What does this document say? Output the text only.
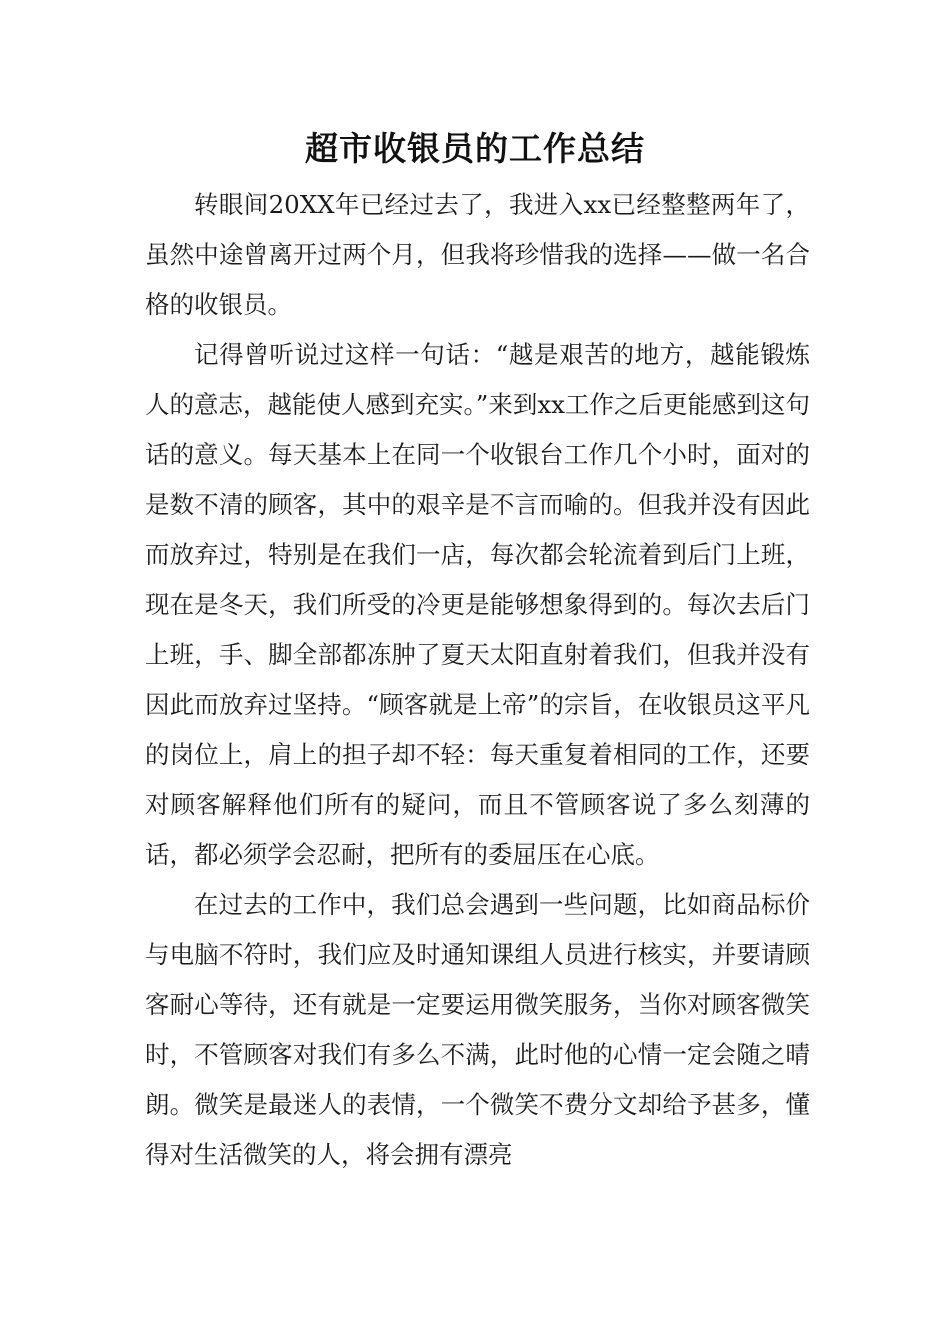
超市收银员的工作总结

转眼间20XX年已经过去了，我进入xx已经整整两年了，虽然中途曾离开过两个月，但我将珍惜我的选择——做一名合格的收银员。

记得曾听说过这样一句话：“越是艰苦的地方，越能锻炼人的意志，越能使人感到充实。”来到xx工作之后更能感到这句话的意义。每天基本上在同一个收银台工作几个小时，面对的是数不清的顾客，其中的艰辛是不言而喻的。但我并没有因此而放弃过，特别是在我们一店，每次都会轮流着到后门上班，现在是冬天，我们所受的冷更是能够想象得到的。每次去后门上班，手、脚全部都冻肿了夏天太阳直射着我们，但我并没有因此而放弃过坚持。“顾客就是上帝”的宗旨，在收银员这平凡的岗位上，肩上的担子却不轻：每天重复着相同的工作，还要对顾客解释他们所有的疑问，而且不管顾客说了多么刻薄的话，都必须学会忍耐，把所有的委屈压在心底。

在过去的工作中，我们总会遇到一些问题，比如商品标价与电脑不符时，我们应及时通知课组人员进行核实，并要请顾客耐心等待，还有就是一定要运用微笑服务，当你对顾客微笑时，不管顾客对我们有多么不满，此时他的心情一定会随之晴朗。微笑是最迷人的表情，一个微笑不费分文却给予甚多，懂得对生活微笑的人，将会拥有漂亮
